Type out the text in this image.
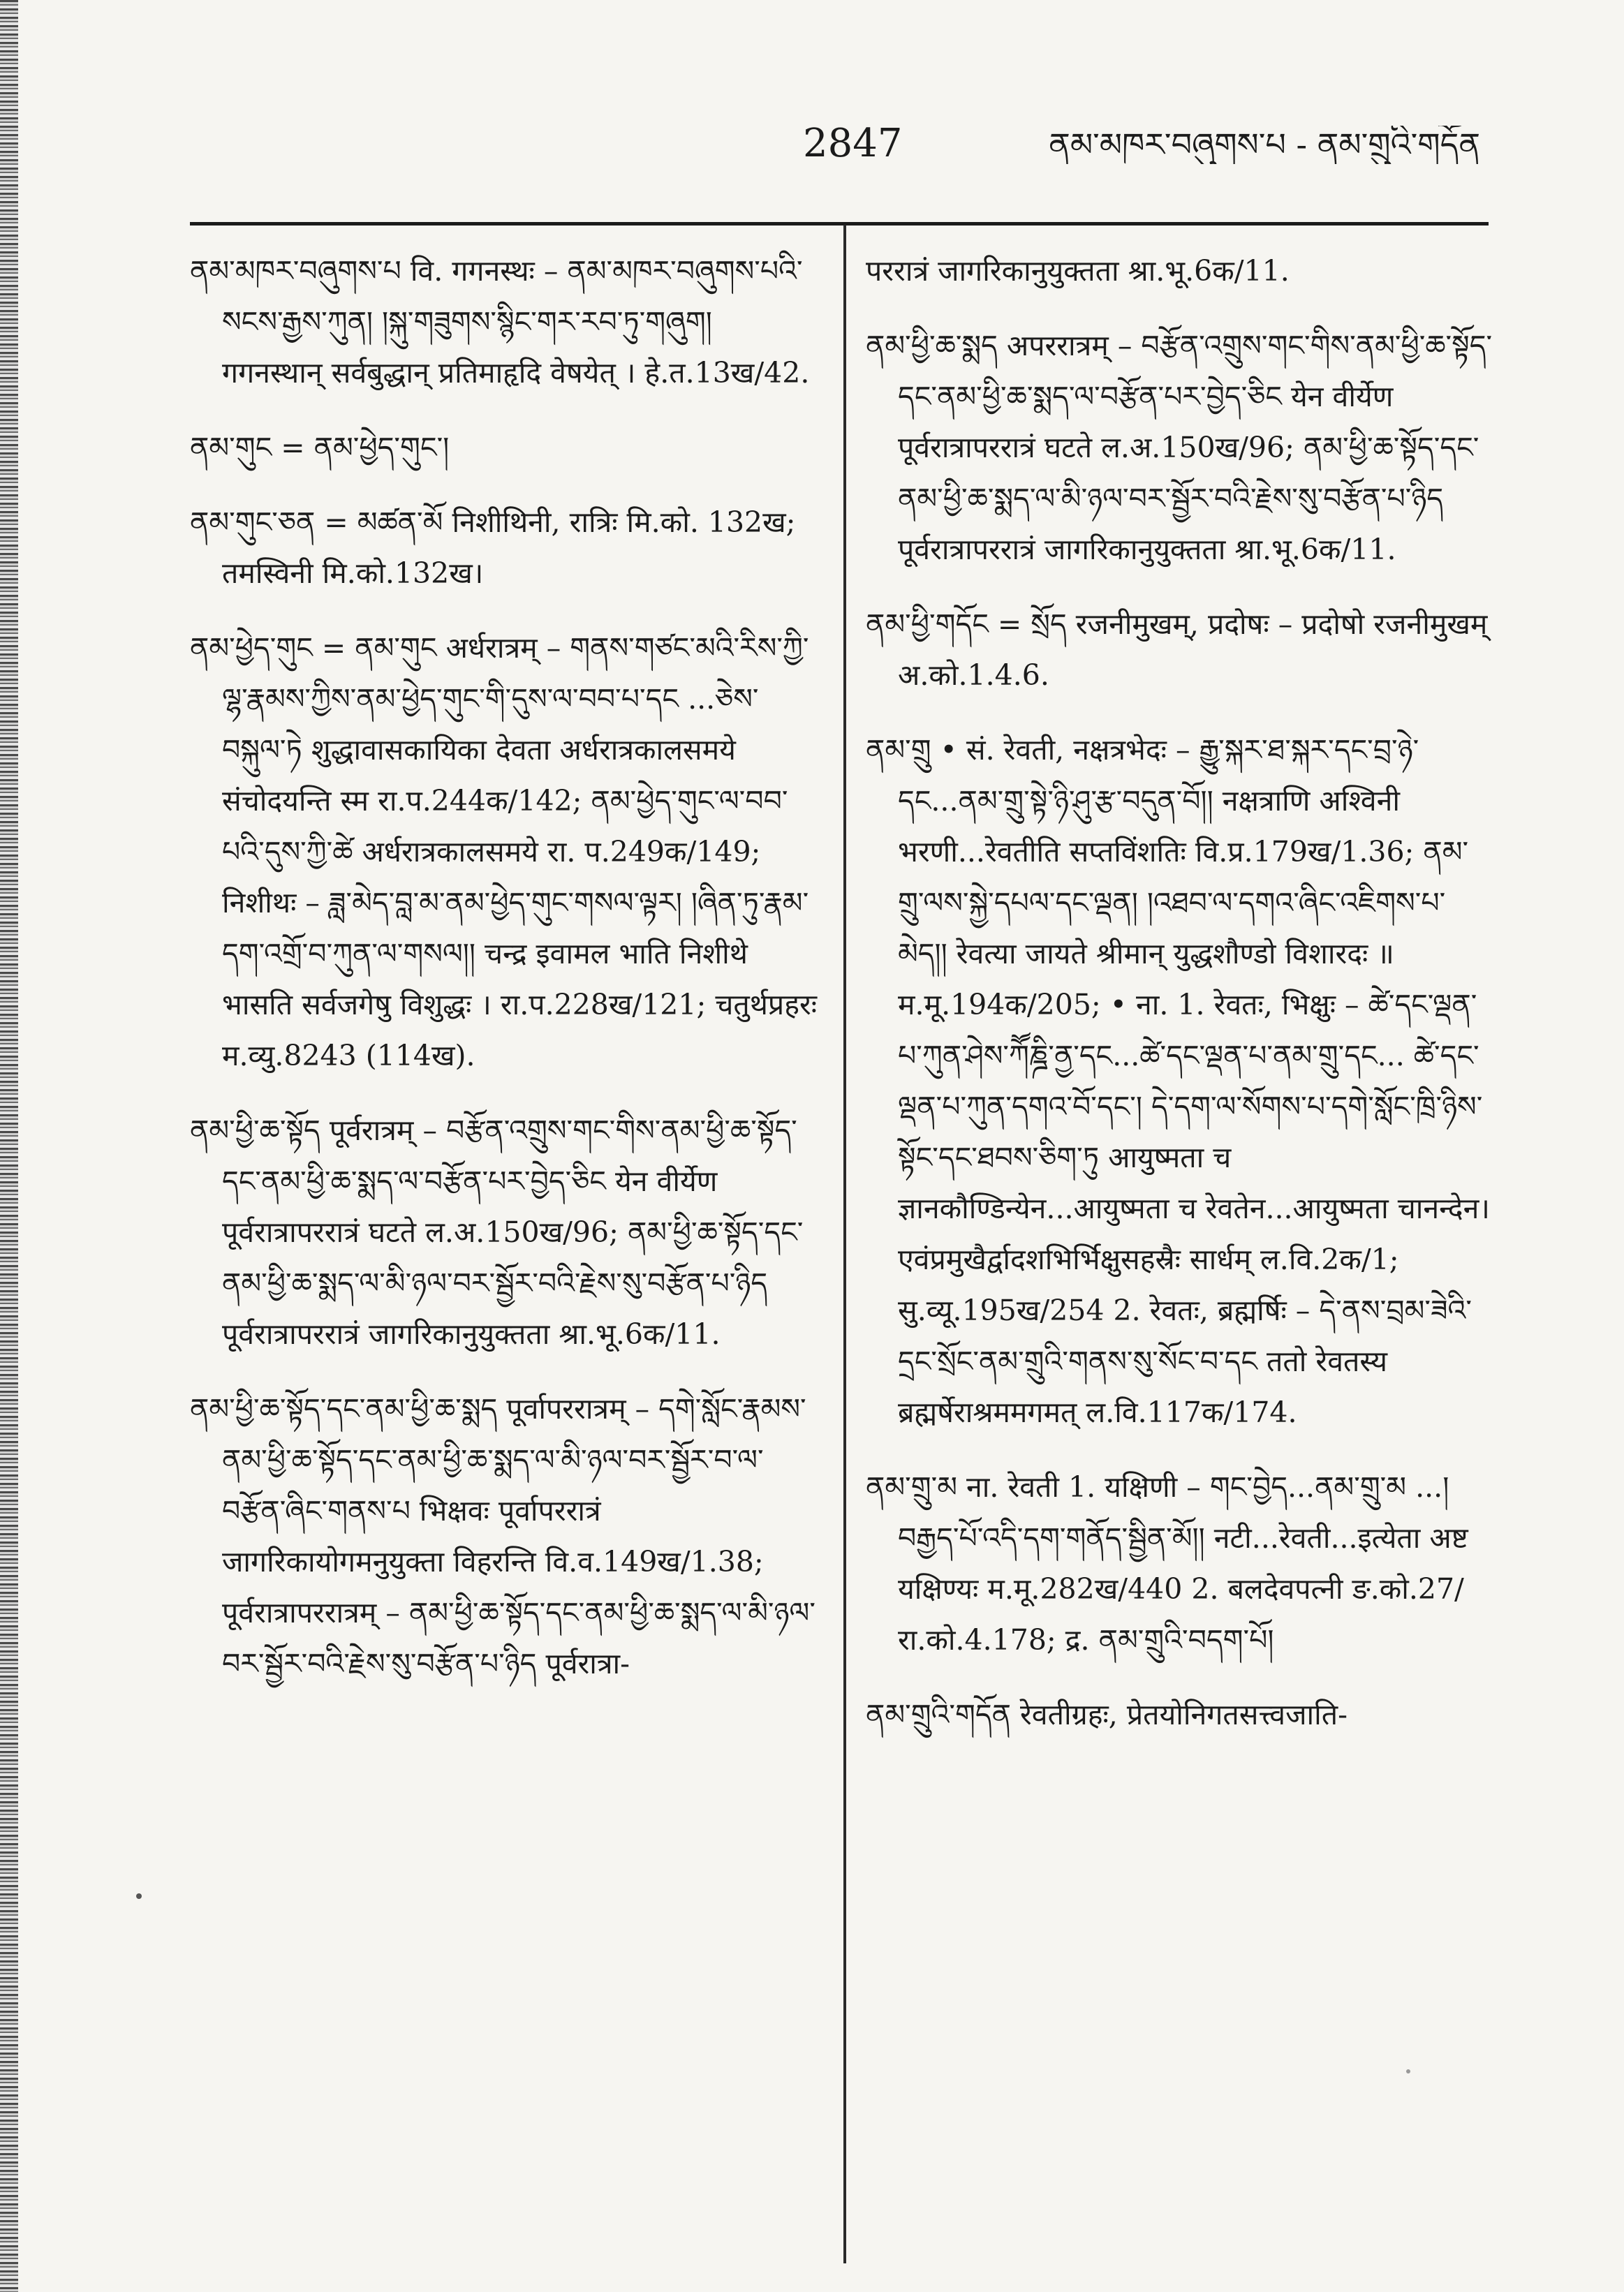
2847	ནམ་མཁར་བཞུགས་པ - ནམ་གྲུའི་གདོན
ནམ་མཁར་བཞུགས་པ वि. गगनस्थः – ནམ་མཁར་བཞུགས་པའི་སངས་རྒྱས་ཀུན། །སྐུ་གཟུགས་སྙིང་གར་རབ་ཏུ་གཞུག། गगनस्थान् सर्वबुद्धान् प्रतिमाहृदि वेषयेत् । हे.त.13ख/42.
ནམ་གུང = ནམ་ཕྱེད་གུང་།
ནམ་གུང་ཅན = མཚན་མོ निशीथिनी, रात्रिः मि.को. 132ख; तमस्विनी मि.को.132ख।
ནམ་ཕྱེད་གུང = ནམ་གུང अर्धरात्रम् – གནས་གཙང་མའི་རིས་ཀྱི་ལྷ་རྣམས་ཀྱིས་ནམ་ཕྱེད་གུང་གི་དུས་ལ་བབ་པ་དང ...ཅེས་བསྐུལ་ཏེ शुद्धावासकायिका देवता अर्धरात्रकालसमये संचोदयन्ति स्म रा.प.244क/142; ནམ་ཕྱེད་གུང་ལ་བབ་པའི་དུས་ཀྱི་ཚེ अर्धरात्रकालसमये रा. प.249क/149; निशीथः – ཟླ་མེད་བླ་མ་ནམ་ཕྱེད་གུང་གསལ་ལྟར། །ཞིན་ཏུ་རྣམ་དག་འགྲོ་བ་ཀུན་ལ་གསལ།། चन्द्र इवामल भाति निशीथे भासति सर्वजगेषु विशुद्धः । रा.प.228ख/121; चतुर्थप्रहरः म.व्यु.8243 (114ख).
ནམ་ཕྱི་ཆ་སྟོད पूर्वरात्रम् – བརྩོན་འགྲུས་གང་གིས་ནམ་ཕྱི་ཆ་སྟོད་དང་ནམ་ཕྱི་ཆ་སྨད་ལ་བརྩོན་པར་བྱེད་ཅིང येन वीर्येण पूर्वरात्रापररात्रं घटते ल.अ.150ख/96; ནམ་ཕྱི་ཆ་སྟོད་དང་ནམ་ཕྱི་ཆ་སྨད་ལ་མི་ཉལ་བར་སྦྱོར་བའི་རྗེས་སུ་བརྩོན་པ་ཉིད पूर्वरात्रापररात्रं जागरिकानुयुक्तता श्रा.भू.6क/11.
ནམ་ཕྱི་ཆ་སྟོད་དང་ནམ་ཕྱི་ཆ་སྨད पूर्वापररात्रम् – དགེ་སློང་རྣམས་ནམ་ཕྱི་ཆ་སྟོད་དང་ནམ་ཕྱི་ཆ་སྨད་ལ་མི་ཉལ་བར་སྦྱོར་བ་ལ་བརྩོན་ཞིང་གནས་པ भिक्षवः पूर्वापररात्रं जागरिकायोगमनुयुक्ता विहरन्ति वि.व.149ख/1.38; पूर्वरात्रापररात्रम् – ནམ་ཕྱི་ཆ་སྟོད་དང་ནམ་ཕྱི་ཆ་སྨད་ལ་མི་ཉལ་བར་སྦྱོར་བའི་རྗེས་སུ་བརྩོན་པ་ཉིད पूर्वरात्रा-
पररात्रं जागरिकानुयुक्तता श्रा.भू.6क/11.
ནམ་ཕྱི་ཆ་སྨད अपररात्रम् – བརྩོན་འགྲུས་གང་གིས་ནམ་ཕྱི་ཆ་སྟོད་དང་ནམ་ཕྱི་ཆ་སྨད་ལ་བརྩོན་པར་བྱེད་ཅིང येन वीर्येण पूर्वरात्रापररात्रं घटते ल.अ.150ख/96; ནམ་ཕྱི་ཆ་སྟོད་དང་ནམ་ཕྱི་ཆ་སྨད་ལ་མི་ཉལ་བར་སྦྱོར་བའི་རྗེས་སུ་བརྩོན་པ་ཉིད पूर्वरात्रापररात्रं जागरिकानुयुक्तता श्रा.भू.6क/11.
ནམ་ཕྱི་གདོང = སྲོད रजनीमुखम्, प्रदोषः – प्रदोषो रजनीमुखम् अ.को.1.4.6.
ནམ་གྲུ • सं. रेवती, नक्षत्रभेदः – རྒྱུ་སྐར་ཐ་སྐར་དང་བྲ་ཉེ་དང...ནམ་གྲུ་སྟེ་ཉི་ཤུ་རྩ་བདུན་བོ།། नक्षत्राणि अश्विनी भरणी...रेवतीति सप्तविंशतिः वि.प्र.179ख/1.36; ནམ་གྲུ་ལས་སྐྱེ་དཔལ་དང་ལྡན། །འཐབ་ལ་དགའ་ཞིང་འཇིགས་པ་མེད།། रेवत्या जायते श्रीमान् युद्धशौण्डो विशारदः ॥ म.मू.194क/205; • ना. 1. रेवतः, भिक्षुः – ཚེ་དང་ལྡན་པ་ཀུན་ཤེས་ཀཽཎྜི་ནྱ་དང...ཚེ་དང་ལྡན་པ་ནམ་གྲུ་དང... ཚེ་དང་ལྡན་པ་ཀུན་དགའ་བོ་དང་། དེ་དག་ལ་སོགས་པ་དགེ་སློང་ཁྲི་ཉིས་སྟོང་དང་ཐབས་ཅིག་ཏུ आयुष्मता च ज्ञानकौण्डिन्येन...आयुष्मता च रेवतेन...आयुष्मता चानन्देन। एवंप्रमुखैर्द्वादशभिर्भिक्षुसहस्रैः सार्धम् ल.वि.2क/1; सु.व्यू.195ख/254 2. रेवतः, ब्रह्मर्षिः – དེ་ནས་བྲམ་ཟེའི་དྲང་སྲོང་ནམ་གྲུའི་གནས་སུ་སོང་བ་དང ततो रेवतस्य ब्रह्मर्षेराश्रममगमत् ल.वि.117क/174.
ནམ་གྲུ་མ ना. रेवती 1. यक्षिणी – གང་བྱེད...ནམ་གྲུ་མ ...།བརྒྱད་པོ་འདི་དག་གནོད་སྦྱིན་མོ།། नटी...रेवती...इत्येता अष्ट यक्षिण्यः म.मू.282ख/440 2. बलदेवपत्नी ङ.को.27/रा.को.4.178; द्र. ནམ་གྲུའི་བདག་པོ།
ནམ་གྲུའི་གདོན रेवतीग्रहः, प्रेतयोनिगतसत्त्वजाति-
